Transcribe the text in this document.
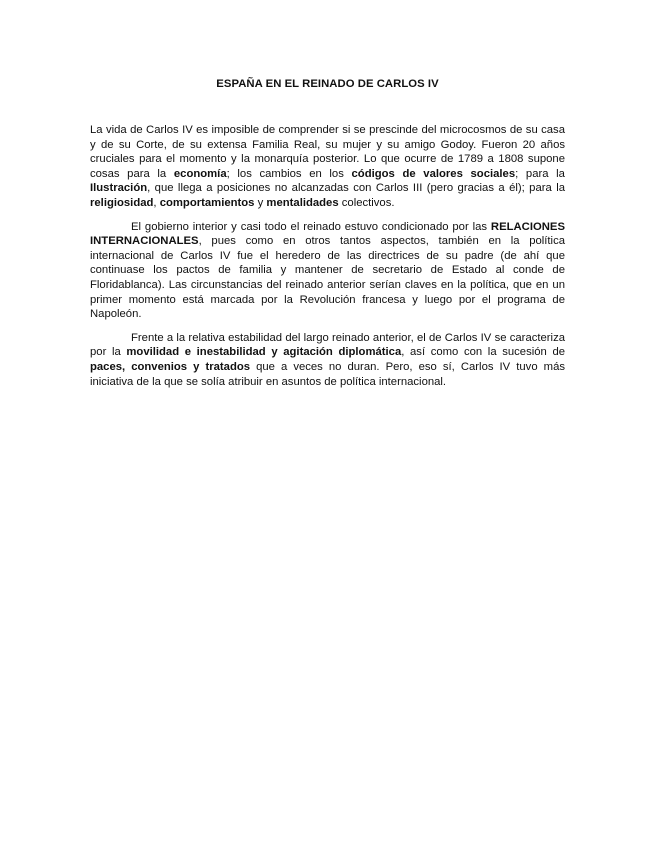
ESPAÑA EN EL REINADO DE CARLOS IV

La vida de Carlos IV es imposible de comprender si se prescinde del microcosmos de su casa y de su Corte, de su extensa Familia Real, su mujer y su amigo Godoy. Fueron 20 años cruciales para el momento y la monarquía posterior. Lo que ocurre de 1789 a 1808 supone cosas para la economía; los cambios en los códigos de valores sociales; para la Ilustración, que llega a posiciones no alcanzadas con Carlos III (pero gracias a él); para la religiosidad, comportamientos y mentalidades colectivos.

El gobierno interior y casi todo el reinado estuvo condicionado por las RELACIONES INTERNACIONALES, pues como en otros tantos aspectos, también en la política internacional de Carlos IV fue el heredero de las directrices de su padre (de ahí que continuase los pactos de familia y mantener de secretario de Estado al conde de Floridablanca). Las circunstancias del reinado anterior serían claves en la política, que en un primer momento está marcada por la Revolución francesa y luego por el programa de Napoleón.

Frente a la relativa estabilidad del largo reinado anterior, el de Carlos IV se caracteriza por la movilidad e inestabilidad y agitación diplomática, así como con la sucesión de paces, convenios y tratados que a veces no duran. Pero, eso sí, Carlos IV tuvo más iniciativa de la que se solía atribuir en asuntos de política internacional.
